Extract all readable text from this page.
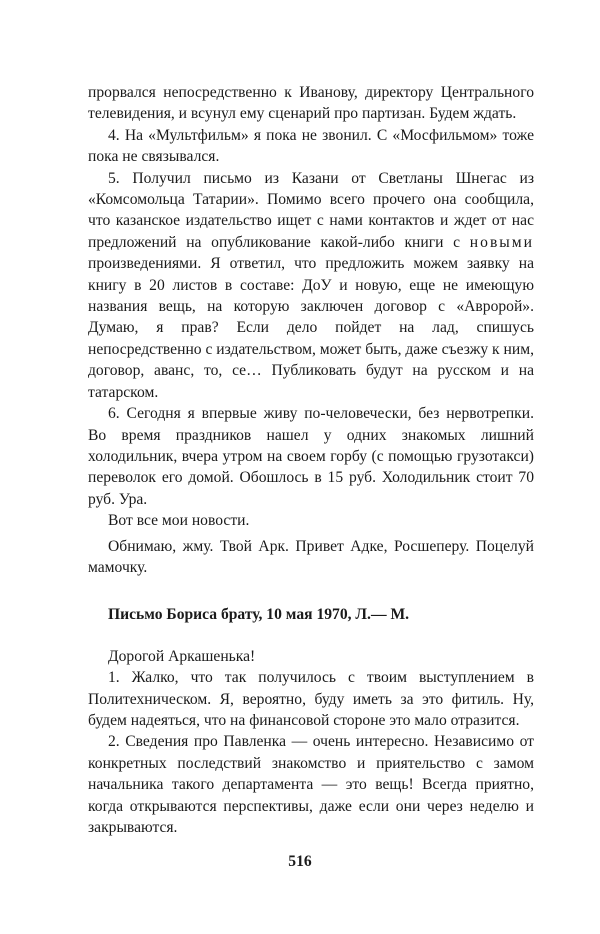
прорвался непосредственно к Иванову, директору Центрального телевидения, и всунул ему сценарий про партизан. Будем ждать.

4. На «Мультфильм» я пока не звонил. С «Мосфильмом» тоже пока не связывался.

5. Получил письмо из Казани от Светланы Шнегас из «Комсомольца Татарии». Помимо всего прочего она сообщила, что казанское издательство ищет с нами контактов и ждет от нас предложений на опубликование какой-либо книги с новыми произведениями. Я ответил, что предложить можем заявку на книгу в 20 листов в составе: ДоУ и новую, еще не имеющую названия вещь, на которую заключен договор с «Авророй». Думаю, я прав? Если дело пойдет на лад, спишусь непосредственно с издательством, может быть, даже съезжу к ним, договор, аванс, то, се… Публиковать будут на русском и на татарском.

6. Сегодня я впервые живу по-человечески, без нервотрепки. Во время праздников нашел у одних знакомых лишний холодильник, вчера утром на своем горбу (с помощью грузотакси) переволок его домой. Обошлось в 15 руб. Холодильник стоит 70 руб. Ура.

Вот все мои новости.

Обнимаю, жму. Твой Арк. Привет Адке, Росшеперу. Поцелуй мамочку.

Письмо Бориса брату, 10 мая 1970, Л.— М.

Дорогой Аркашенька!

1. Жалко, что так получилось с твоим выступлением в Политехническом. Я, вероятно, буду иметь за это фитиль. Ну, будем надеяться, что на финансовой стороне это мало отразится.

2. Сведения про Павленка — очень интересно. Независимо от конкретных последствий знакомство и приятельство с замом начальника такого департамента — это вещь! Всегда приятно, когда открываются перспективы, даже если они через неделю и закрываются.

516
